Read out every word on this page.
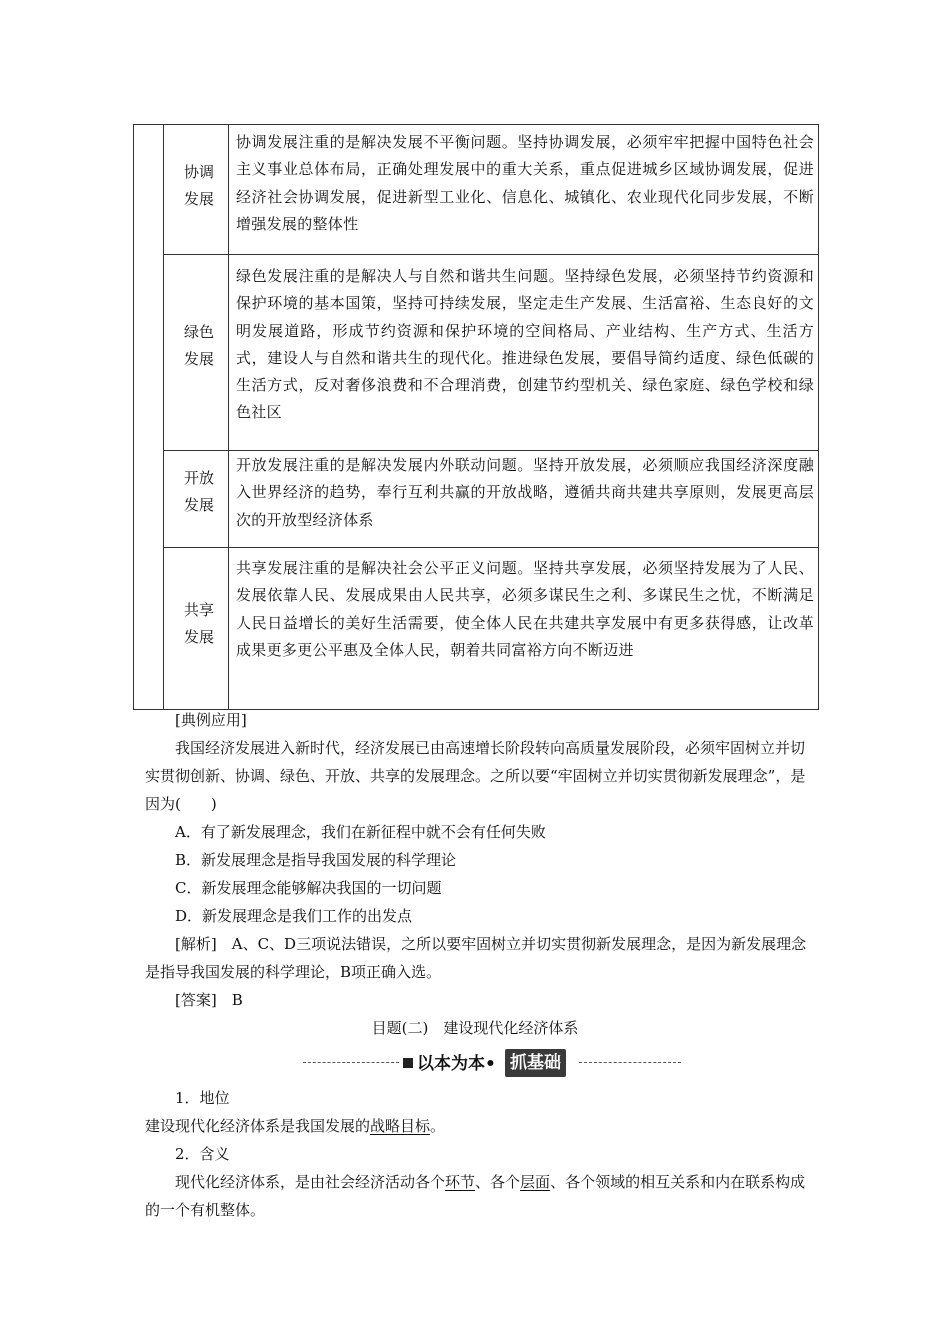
协调
发展
协调发展注重的是解决发展不平衡问题。坚持协调发展，必须牢牢把握中国特色社会主义事业总体布局，正确处理发展中的重大关系，重点促进城乡区域协调发展，促进经济社会协调发展，促进新型工业化、信息化、城镇化、农业现代化同步发展，不断增强发展的整体性
绿色
发展
绿色发展注重的是解决人与自然和谐共生问题。坚持绿色发展，必须坚持节约资源和保护环境的基本国策，坚持可持续发展，坚定走生产发展、生活富裕、生态良好的文明发展道路，形成节约资源和保护环境的空间格局、产业结构、生产方式、生活方式，建设人与自然和谐共生的现代化。推进绿色发展，要倡导简约适度、绿色低碳的生活方式，反对奢侈浪费和不合理消费，创建节约型机关、绿色家庭、绿色学校和绿色社区
开放
发展
开放发展注重的是解决发展内外联动问题。坚持开放发展，必须顺应我国经济深度融入世界经济的趋势，奉行互利共赢的开放战略，遵循共商共建共享原则，发展更高层次的开放型经济体系
共享
发展
共享发展注重的是解决社会公平正义问题。坚持共享发展，必须坚持发展为了人民、发展依靠人民、发展成果由人民共享，必须多谋民生之利、多谋民生之忧，不断满足人民日益增长的美好生活需要，使全体人民在共建共享发展中有更多获得感，让改革成果更多更公平惠及全体人民，朝着共同富裕方向不断迈进
[典例应用]
我国经济发展进入新时代，经济发展已由高速增长阶段转向高质量发展阶段，必须牢固树立并切实贯彻创新、协调、绿色、开放、共享的发展理念。之所以要“牢固树立并切实贯彻新发展理念”，是因为(　　)
A．有了新发展理念，我们在新征程中就不会有任何失败
B．新发展理念是指导我国发展的科学理论
C．新发展理念能够解决我国的一切问题
D．新发展理念是我们工作的出发点
[解析]　 A、C、D三项说法错误，之所以要牢固树立并切实贯彻新发展理念，是因为新发展理念是指导我国发展的科学理论，B项正确入选。
[答案]　 B
目题(二)　建设现代化经济体系
以本为本• 抓基础
1．地位
建设现代化经济体系是我国发展的战略目标。
2．含义
现代化经济体系，是由社会经济活动各个环节、各个层面、各个领域的相互关系和内在联系构成的一个有机整体。
